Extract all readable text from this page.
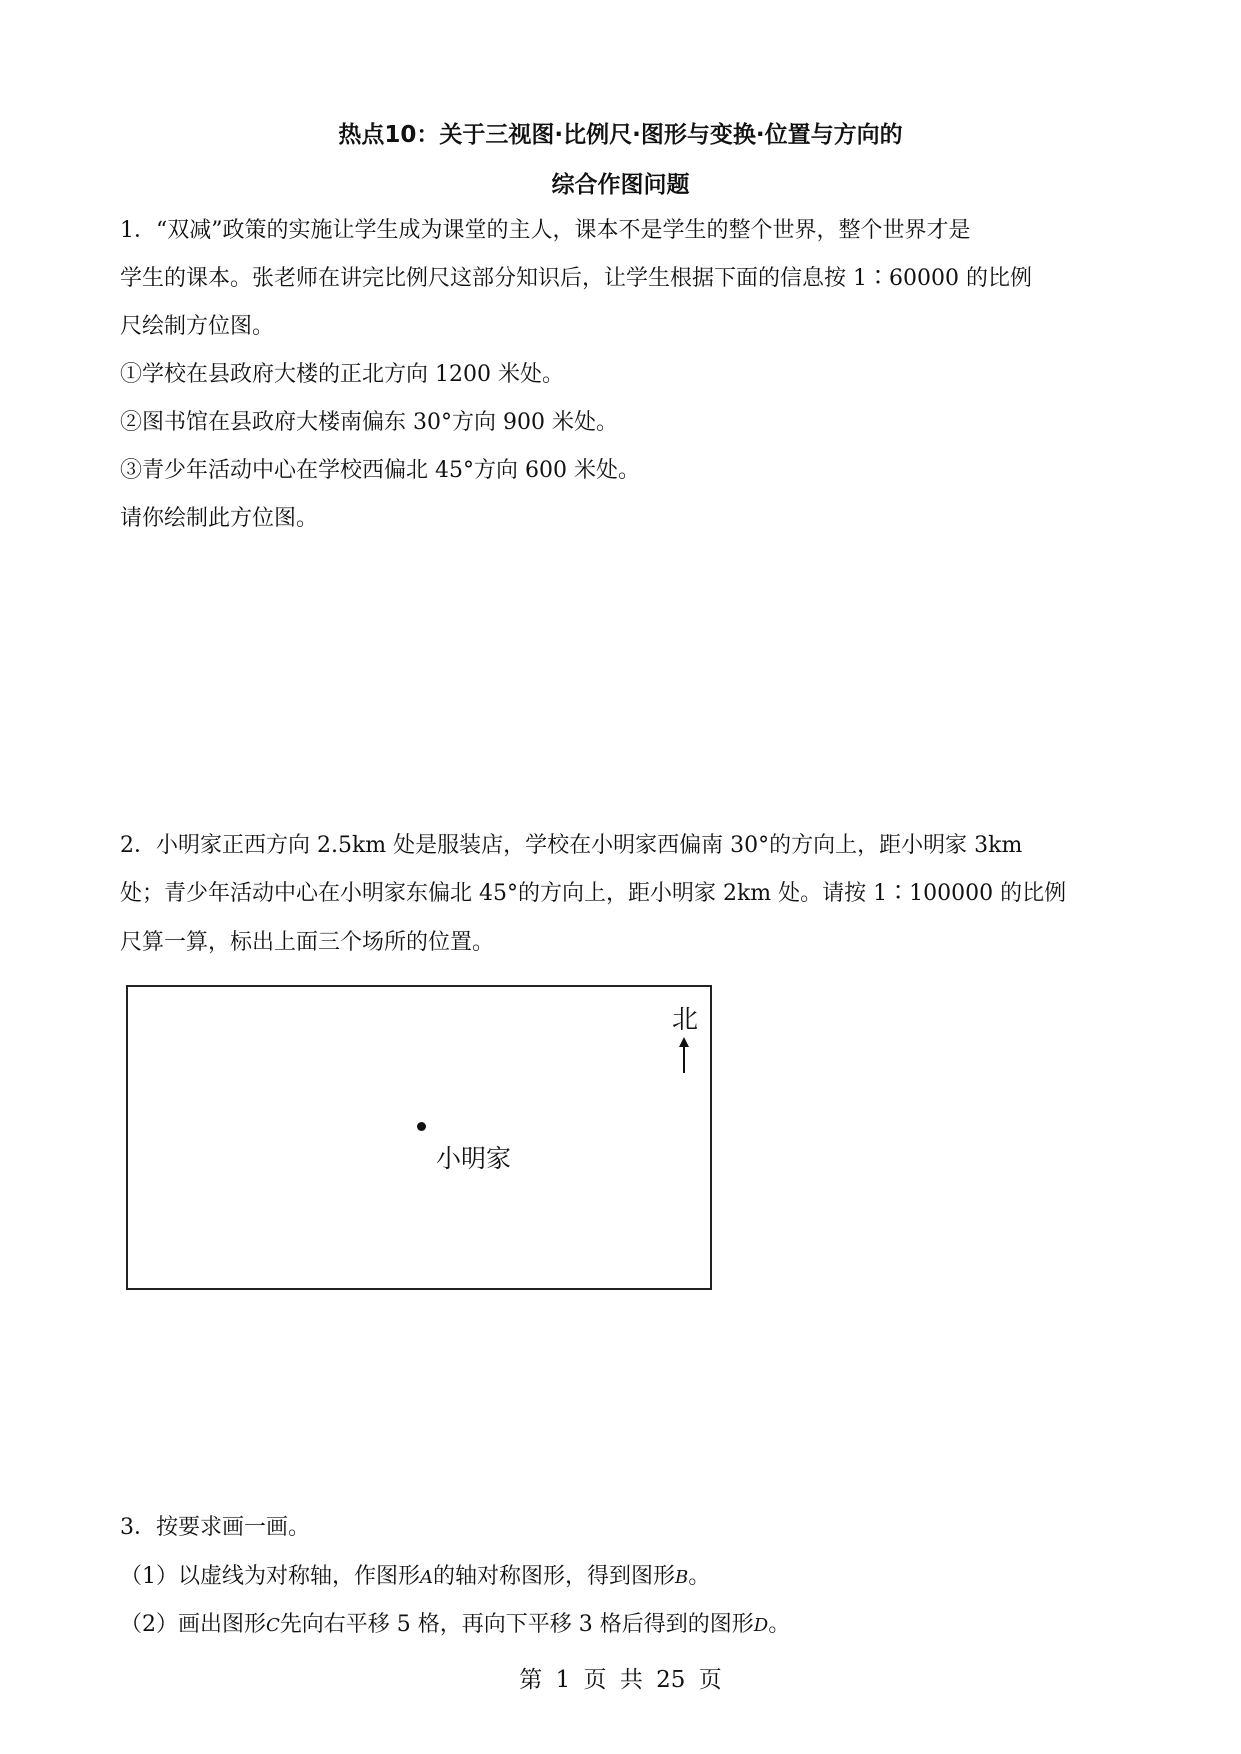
热点10：关于三视图·比例尺·图形与变换·位置与方向的
综合作图问题
1．“双减”政策的实施让学生成为课堂的主人，课本不是学生的整个世界，整个世界才是
学生的课本。张老师在讲完比例尺这部分知识后，让学生根据下面的信息按 1∶60000 的比例
尺绘制方位图。
①学校在县政府大楼的正北方向 1200 米处。
②图书馆在县政府大楼南偏东 30°方向 900 米处。
③青少年活动中心在学校西偏北 45°方向 600 米处。
请你绘制此方位图。
2．小明家正西方向 2.5km 处是服装店，学校在小明家西偏南 30°的方向上，距小明家 3km
处；青少年活动中心在小明家东偏北 45°的方向上，距小明家 2km 处。请按 1∶100000 的比例
尺算一算，标出上面三个场所的位置。
北
小明家
3．按要求画一画。
（1）以虚线为对称轴，作图形A的轴对称图形，得到图形B。
（2）画出图形C先向右平移 5 格，再向下平移 3 格后得到的图形D。
第 1 页 共 25 页
